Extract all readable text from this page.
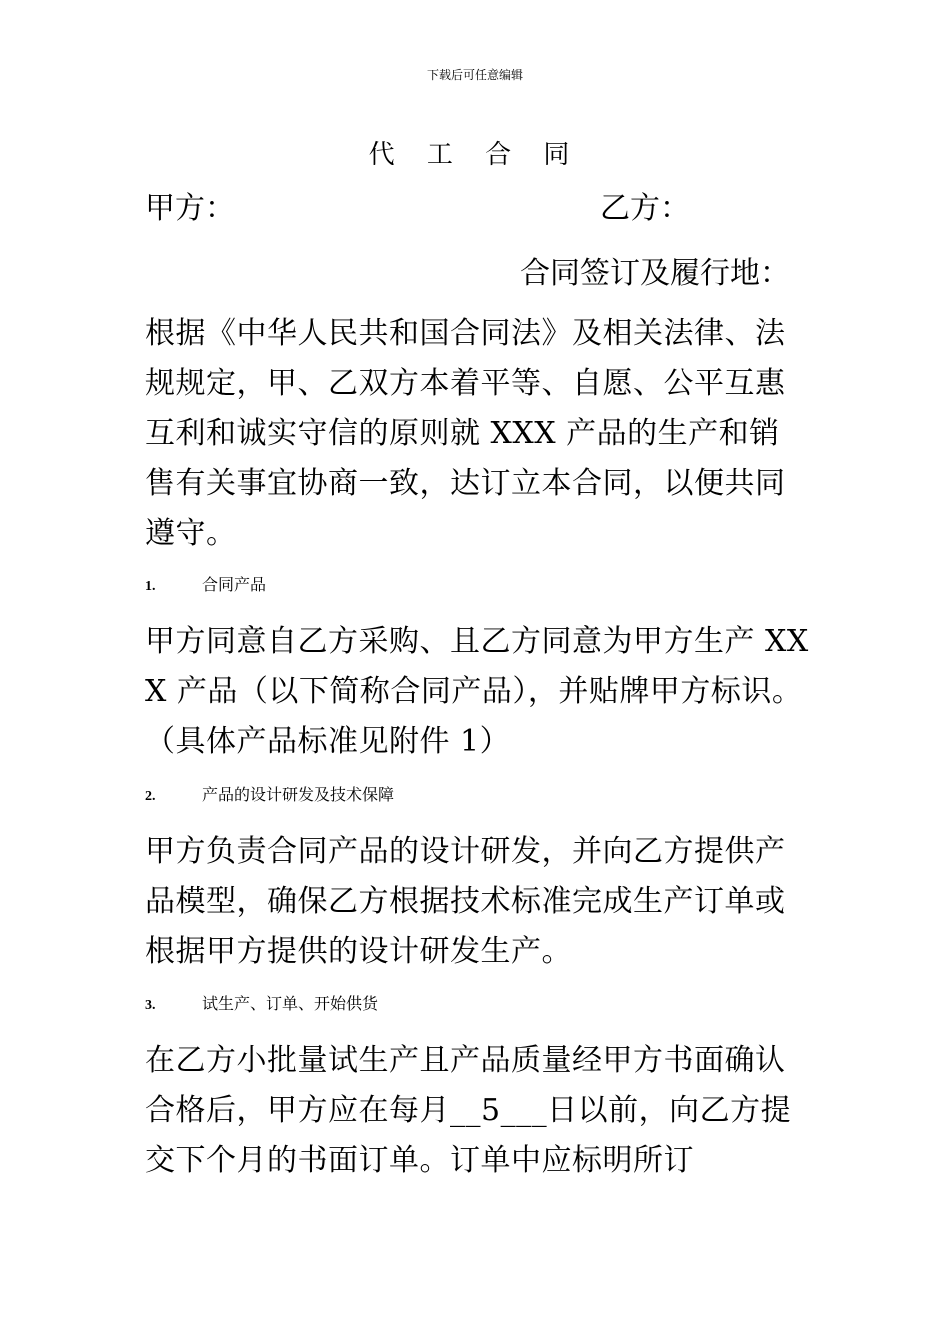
下载后可任意编辑
代 工 合 同
甲方：	乙方：
合同签订及履行地：
根据《中华人民共和国合同法》及相关法律、法规规定，甲、乙双方本着平等、自愿、公平互惠互利和诚实守信的原则就 XXX 产品的生产和销售有关事宜协商一致，达订立本合同，以便共同遵守。
1.	合同产品
甲方同意自乙方采购、且乙方同意为甲方生产 XXX 产品（以下简称合同产品），并贴牌甲方标识。（具体产品标准见附件 1）
2.	产品的设计研发及技术保障
甲方负责合同产品的设计研发，并向乙方提供产品模型，确保乙方根据技术标准完成生产订单或根据甲方提供的设计研发生产。
3.	试生产、订单、开始供货
在乙方小批量试生产且产品质量经甲方书面确认合格后，甲方应在每月__5___日以前，向乙方提交下个月的书面订单。订单中应标明所订
